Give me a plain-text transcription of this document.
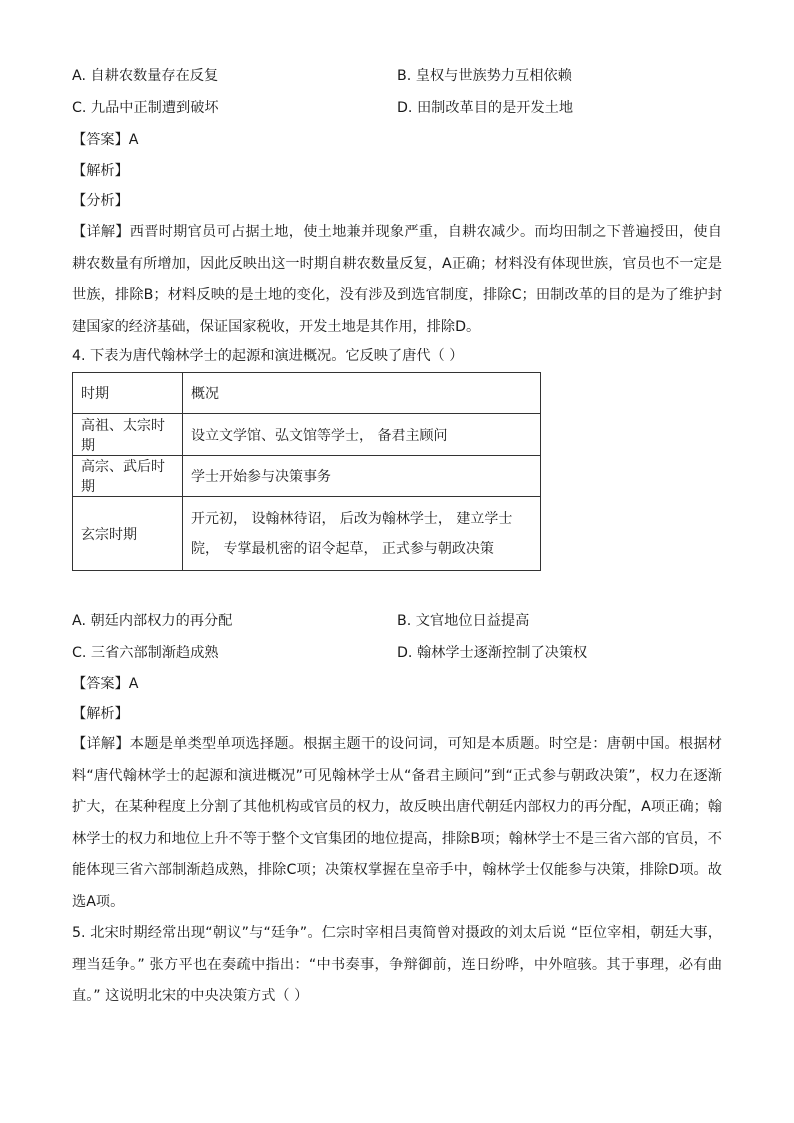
A. 自耕农数量存在反复	B. 皇权与世族势力互相依赖
C. 九品中正制遭到破坏	D. 田制改革目的是开发土地
【答案】A
【解析】
【分析】
【详解】西晋时期官员可占据土地，使土地兼并现象严重，自耕农减少。而均田制之下普遍授田，使自耕农数量有所增加，因此反映出这一时期自耕农数量反复，A正确；材料没有体现世族，官员也不一定是世族，排除B；材料反映的是土地的变化，没有涉及到选官制度，排除C；田制改革的目的是为了维护封建国家的经济基础，保证国家税收，开发土地是其作用，排除D。
4. 下表为唐代翰林学士的起源和演进概况。它反映了唐代（ ）
时期	概况
高祖、太宗时期	设立文学馆、弘文馆等学士， 备君主顾问
高宗、武后时期	学士开始参与决策事务
玄宗时期	开元初， 设翰林待诏， 后改为翰林学士， 建立学士院， 专掌最机密的诏令起草， 正式参与朝政决策
A. 朝廷内部权力的再分配	B. 文官地位日益提高
C. 三省六部制渐趋成熟	D. 翰林学士逐渐控制了决策权
【答案】A
【解析】
【详解】本题是单类型单项选择题。根据主题干的设问词，可知是本质题。时空是：唐朝中国。根据材料“唐代翰林学士的起源和演进概况”可见翰林学士从“备君主顾问”到“正式参与朝政决策”，权力在逐渐扩大，在某种程度上分割了其他机构或官员的权力，故反映出唐代朝廷内部权力的再分配，A项正确；翰林学士的权力和地位上升不等于整个文官集团的地位提高，排除B项；翰林学士不是三省六部的官员，不能体现三省六部制渐趋成熟，排除C项；决策权掌握在皇帝手中，翰林学士仅能参与决策，排除D项。故选A项。
5. 北宋时期经常出现“朝议”与“廷争”。仁宗时宰相吕夷简曾对摄政的刘太后说 “臣位宰相，朝廷大事，理当廷争。” 张方平也在奏疏中指出：“中书奏事，争辩御前，连日纷哗，中外喧骇。其于事理，必有曲直。” 这说明北宋的中央决策方式（ ）
